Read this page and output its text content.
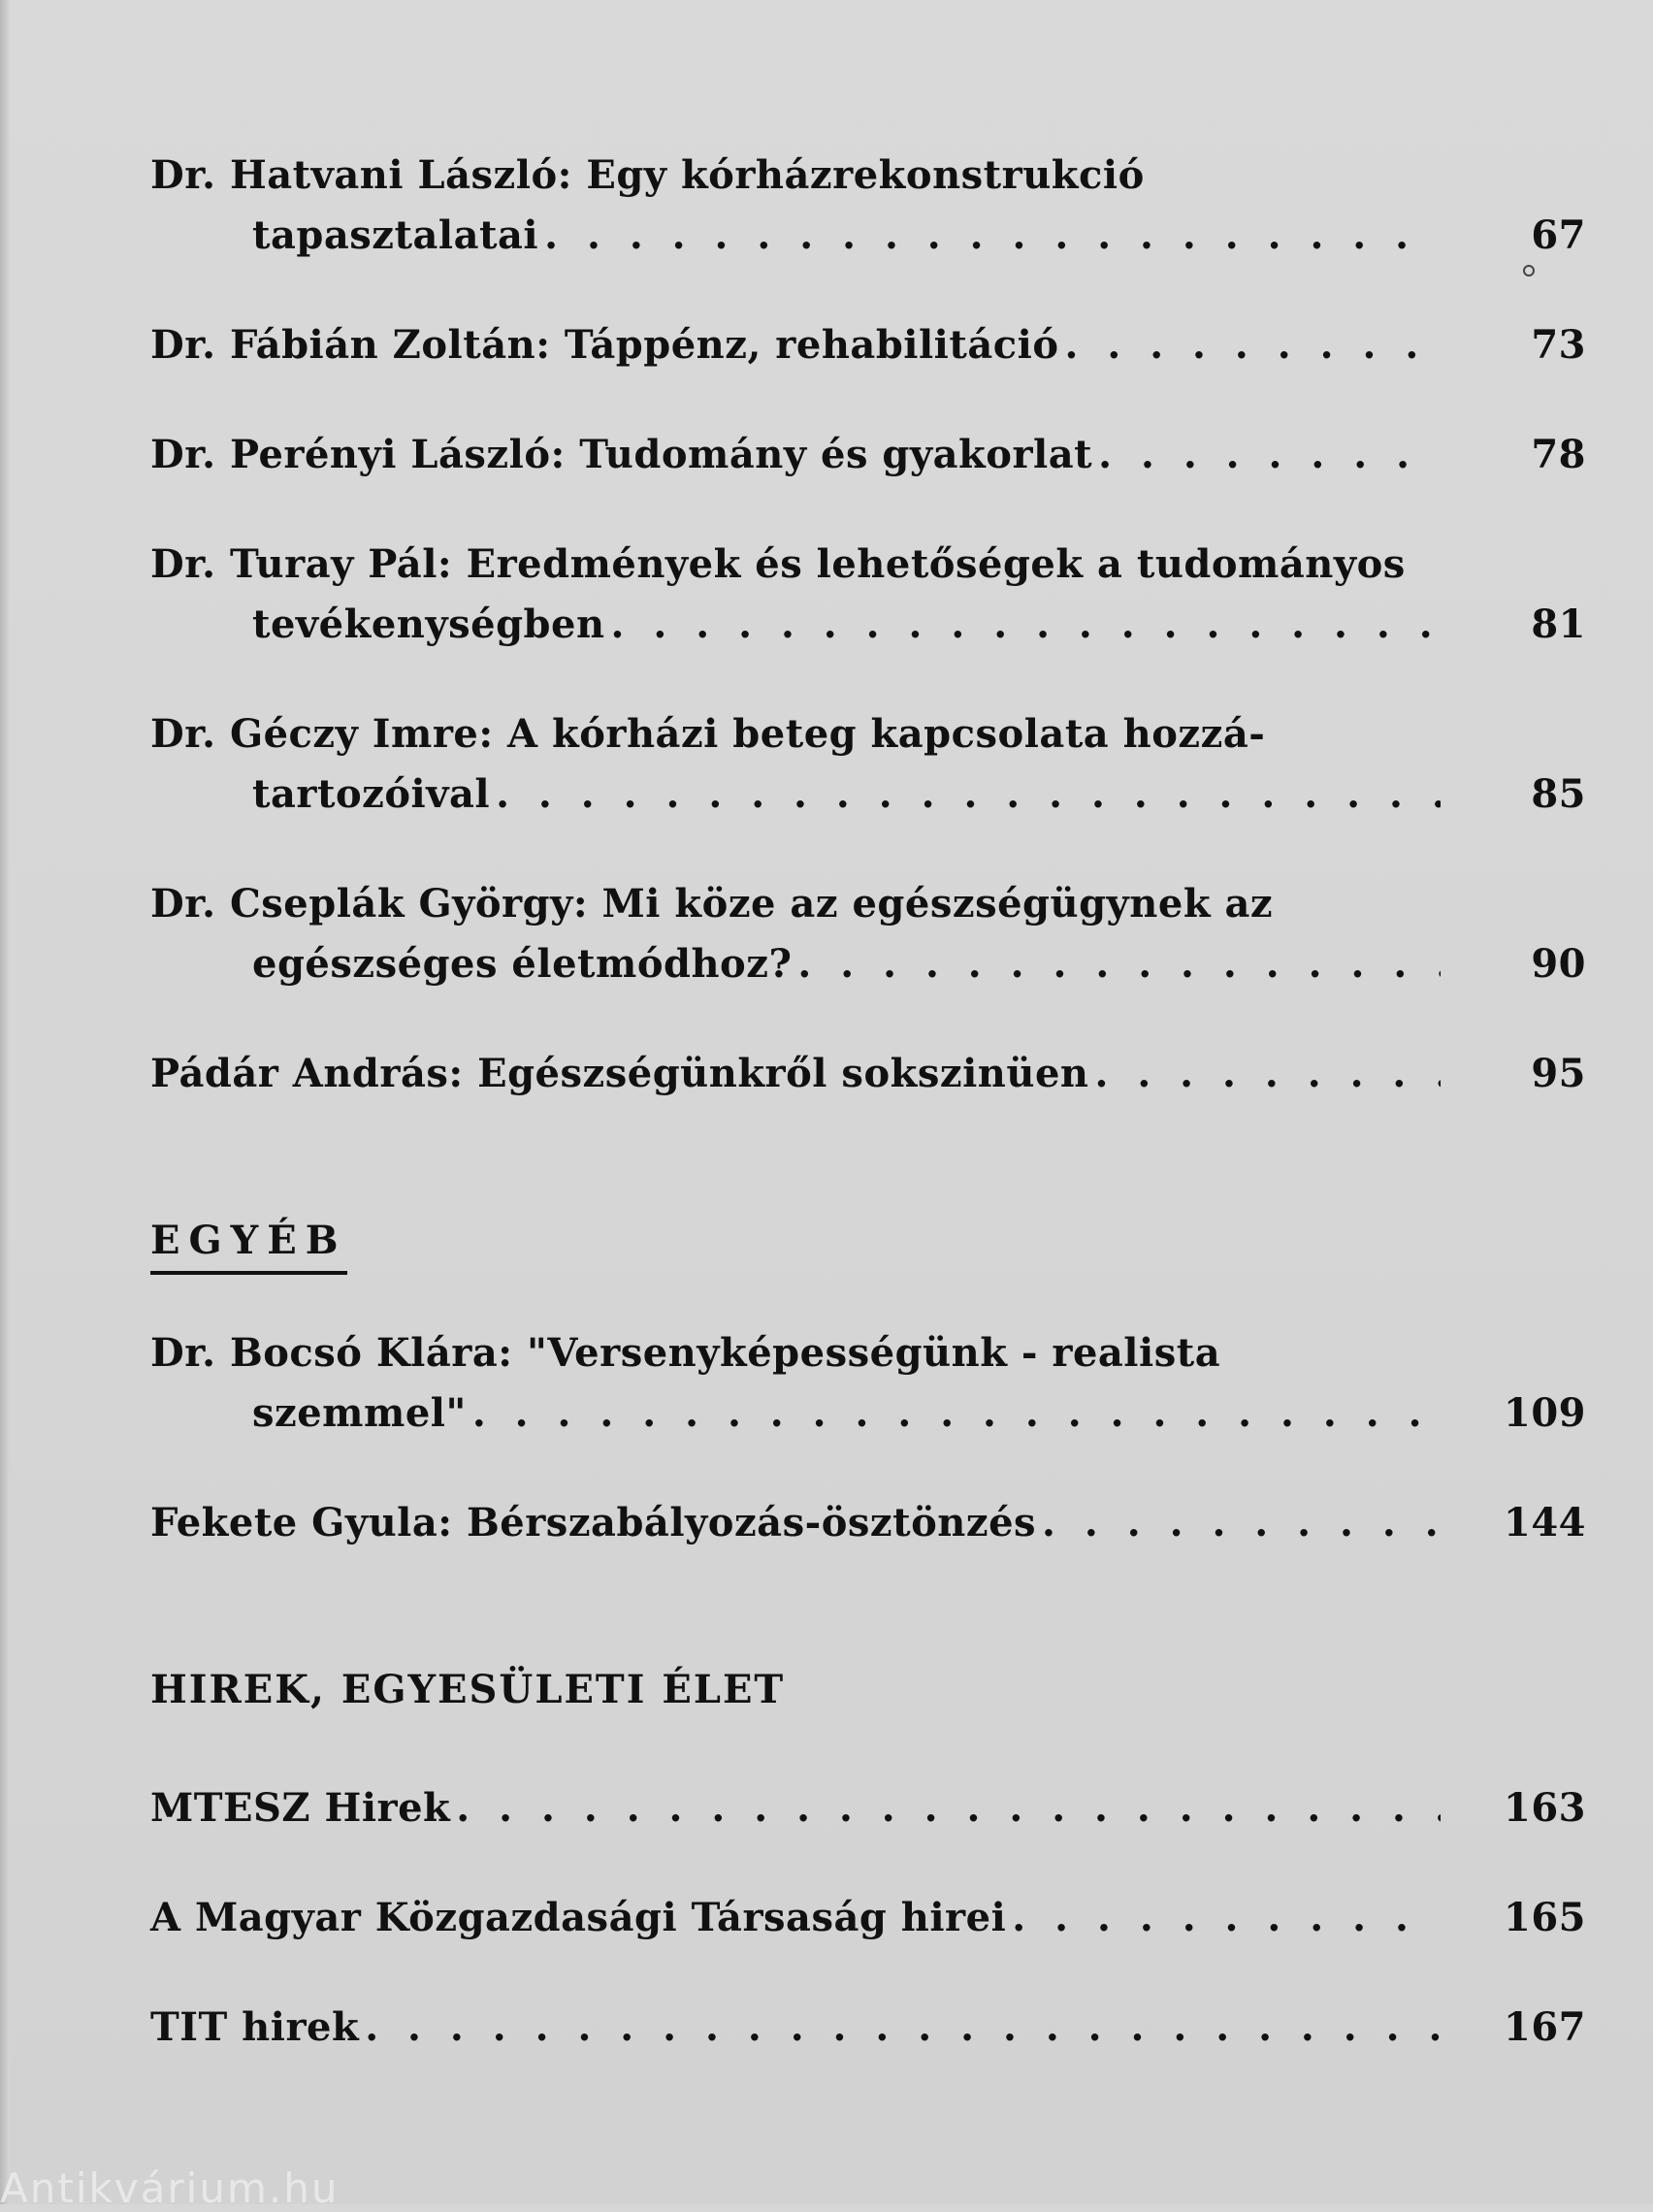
Dr. Hatvani László: Egy kórházrekonstrukció
tapasztalatai . . .	67
Dr. Fábián Zoltán: Táppénz, rehabilitáció . . .	73
Dr. Perényi László: Tudomány és gyakorlat . . .	78
Dr. Turay Pál: Eredmények és lehetőségek a tudományos
tevékenységben . . .	81
Dr. Géczy Imre: A kórházi beteg kapcsolata hozzá-
tartozóival . . .	85
Dr. Cseplák György: Mi köze az egészségügynek az
egészséges életmódhoz? . . .	90
Pádár András: Egészségünkről sokszinüen . . .	95
EGYÉB
Dr. Bocsó Klára: "Versenyképességünk - realista
szemmel" . . .	109
Fekete Gyula: Bérszabályozás-ösztönzés . . .	144
HIREK, EGYESÜLETI ÉLET
MTESZ Hirek . . .	163
A Magyar Közgazdasági Társaság hirei . . .	165
TIT hirek . . .	167
Antikvárium.hu
